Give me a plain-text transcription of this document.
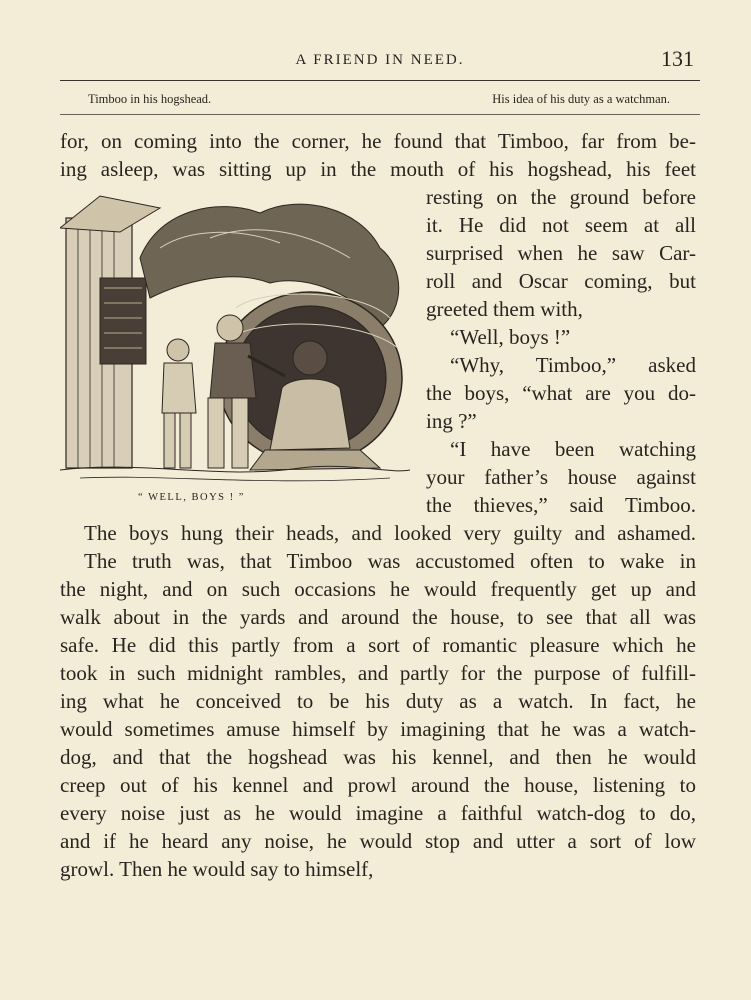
A FRIEND IN NEED.	131
Timboo in his hogshead.	His idea of his duty as a watchman.
for, on coming into the corner, he found that Timboo, far from be-
ing asleep, was sitting up in the mouth of his hogshead, his feet
“ WELL, BOYS ! ”
resting on the ground before
it. He did not seem at all
surprised when he saw Car-
roll and Oscar coming, but
greeted them with,
“Well, boys !”
“Why, Timboo,” asked
the boys, “what are you do-
ing ?”
“I have been watching
your father’s house against
the thieves,” said Timboo.
The boys hung their heads, and looked very guilty and ashamed.
The truth was, that Timboo was accustomed often to wake in
the night, and on such occasions he would frequently get up and
walk about in the yards and around the house, to see that all was
safe. He did this partly from a sort of romantic pleasure which he
took in such midnight rambles, and partly for the purpose of fulfill-
ing what he conceived to be his duty as a watch. In fact, he
would sometimes amuse himself by imagining that he was a watch-
dog, and that the hogshead was his kennel, and then he would
creep out of his kennel and prowl around the house, listening to
every noise just as he would imagine a faithful watch-dog to do,
and if he heard any noise, he would stop and utter a sort of low
growl. Then he would say to himself,
